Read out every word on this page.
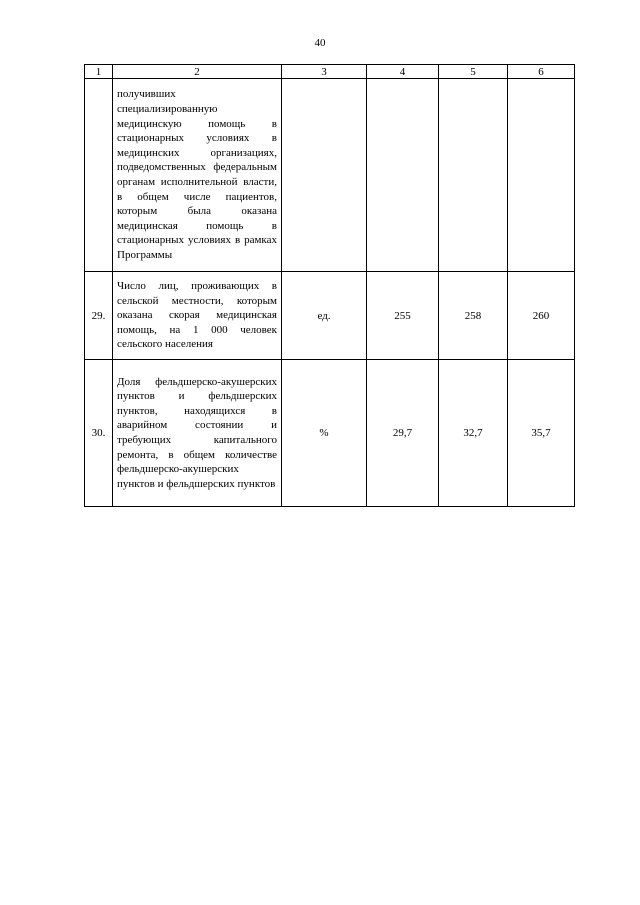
40
1	2	3	4	5	6
	получивших специализированную медицинскую помощь в стационарных условиях в медицинских организациях, подведомственных федеральным органам исполнительной власти, в общем числе пациентов, которым была оказана медицинская помощь в стационарных условиях в рамках Программы				
29.	Число лиц, проживающих в сельской местности, которым оказана скорая медицинская помощь, на 1 000 человек сельского населения	ед.	255	258	260
30.	Доля фельдшерско-акушерских пунктов и фельдшерских пунктов, находящихся в аварийном состоянии и требующих капитального ремонта, в общем количестве фельдшерско-акушерских пунктов и фельдшерских пунктов	%	29,7	32,7	35,7
